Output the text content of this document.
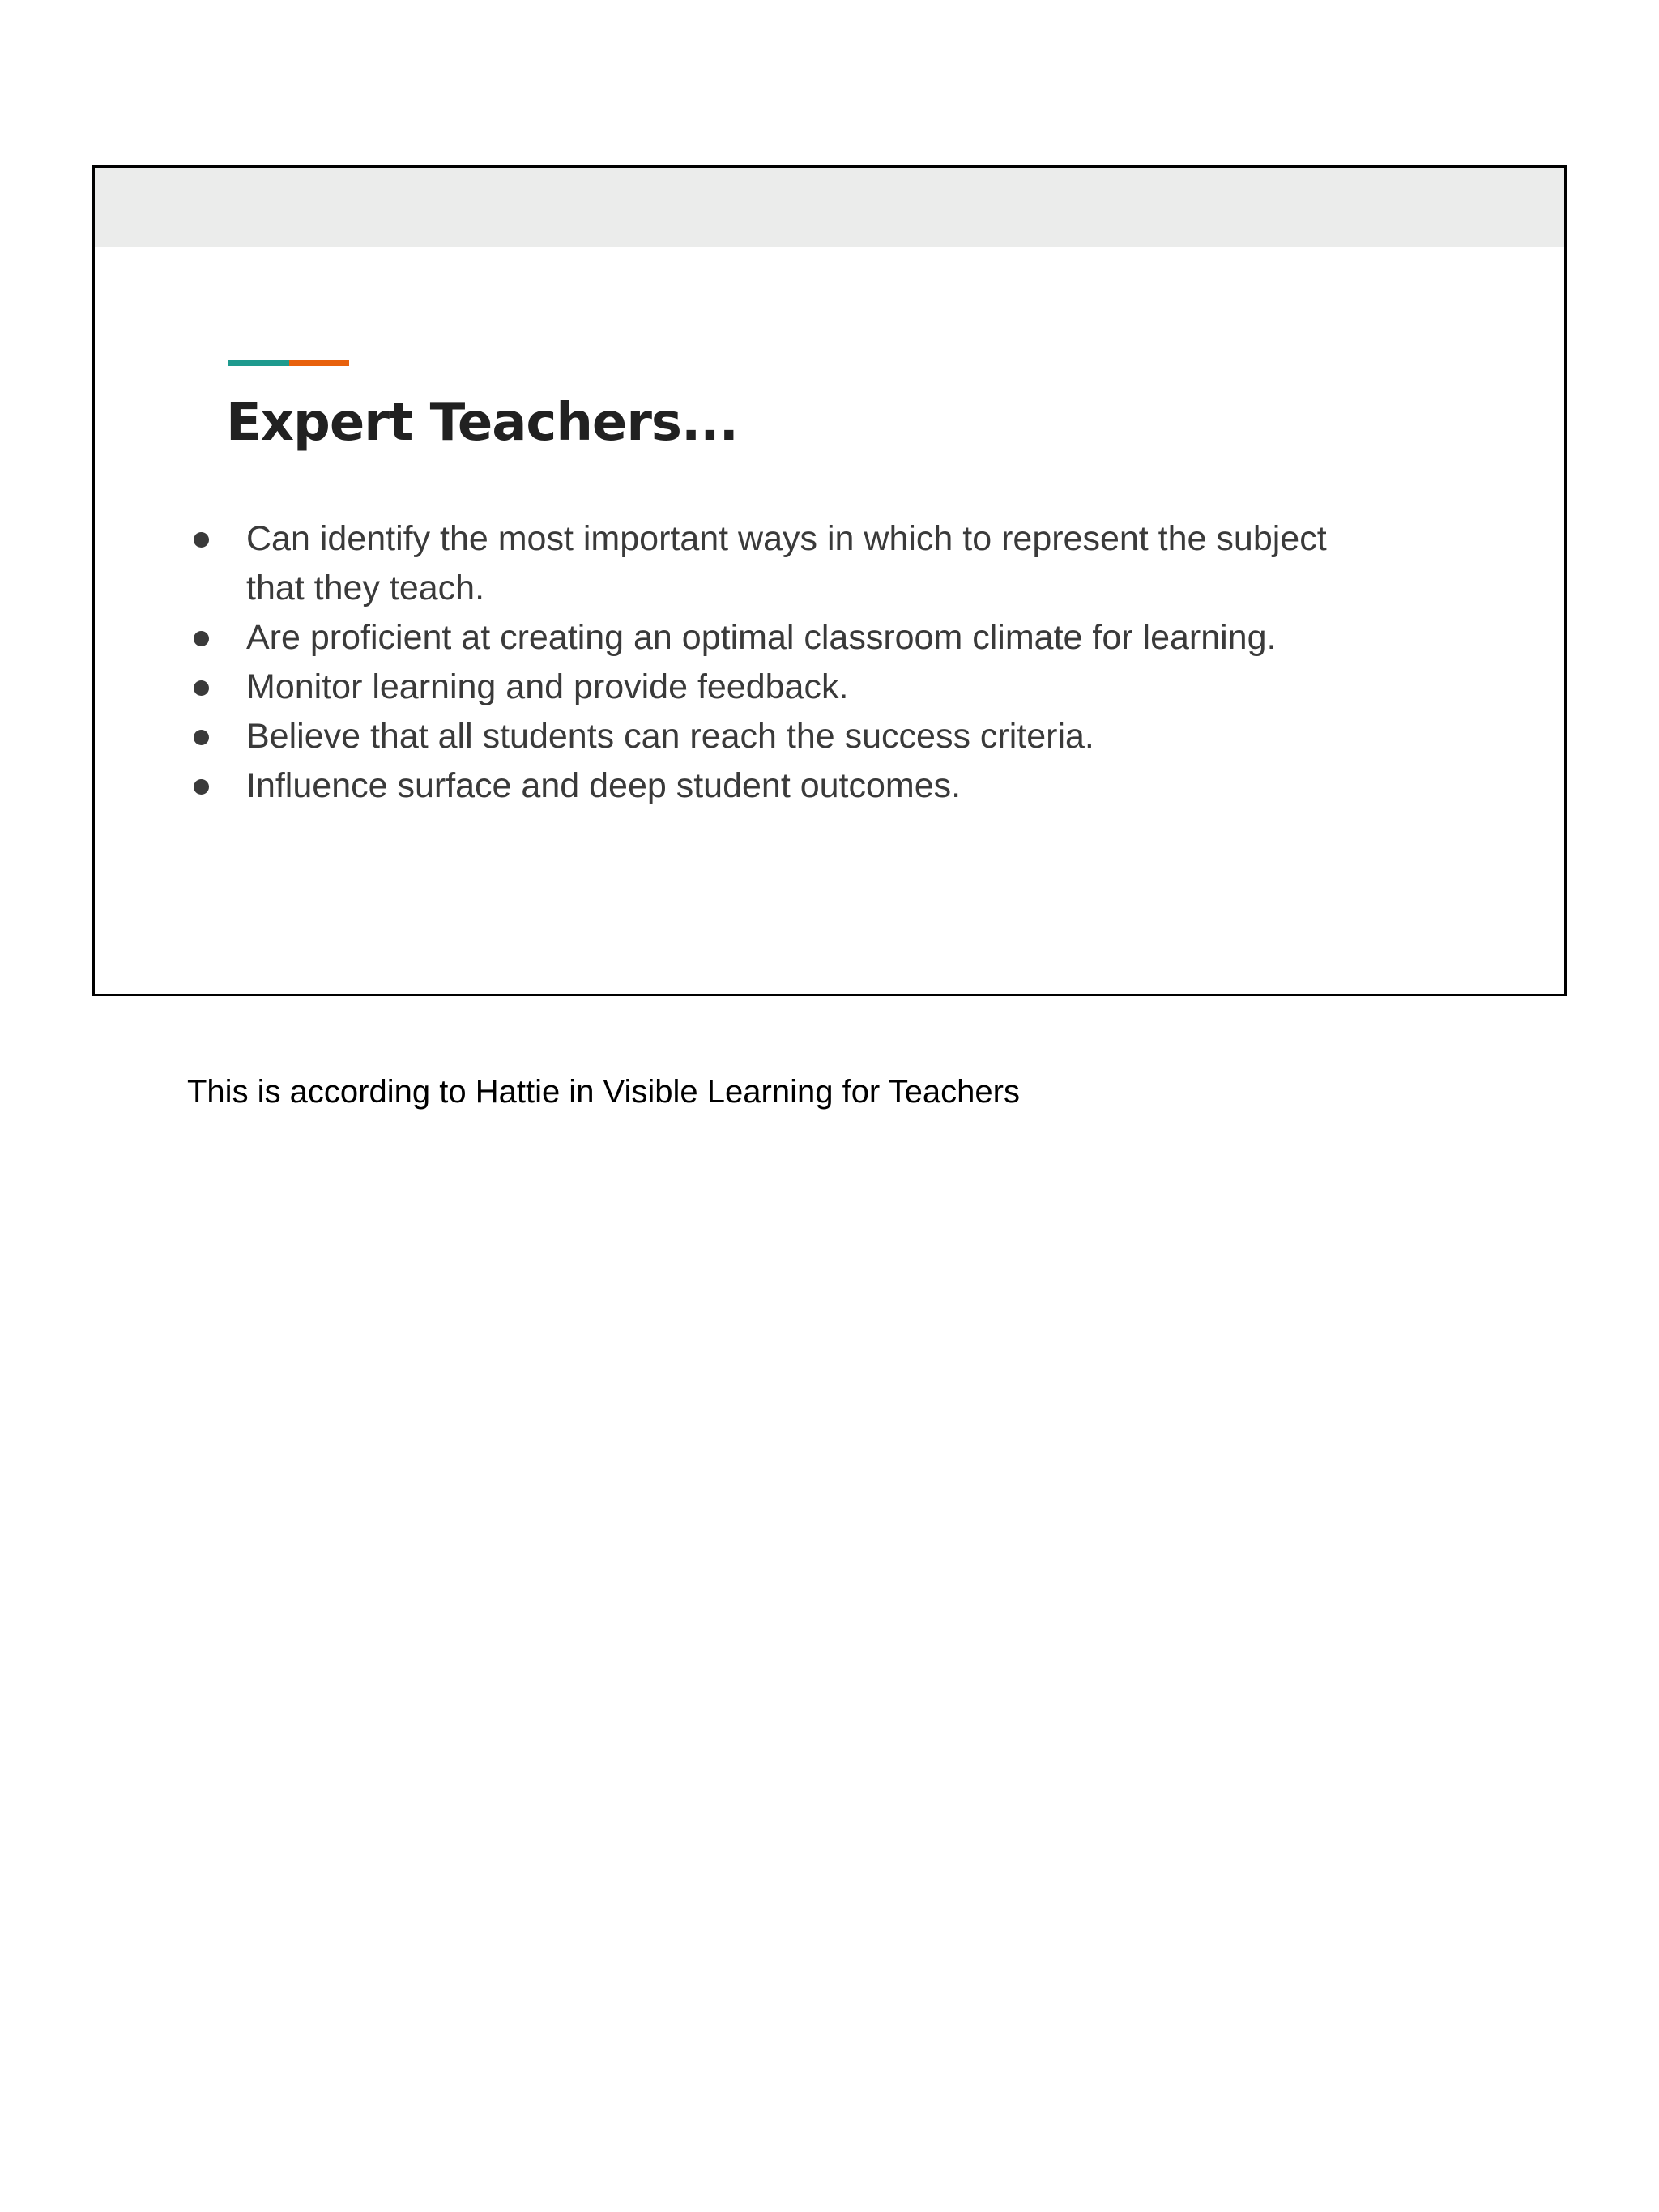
Expert Teachers...
Can identify the most important ways in which to represent the subject that they teach.
Are proficient at creating an optimal classroom climate for learning.
Monitor learning and provide feedback.
Believe that all students can reach the success criteria.
Influence surface and deep student outcomes.
This is according to Hattie in Visible Learning for Teachers
